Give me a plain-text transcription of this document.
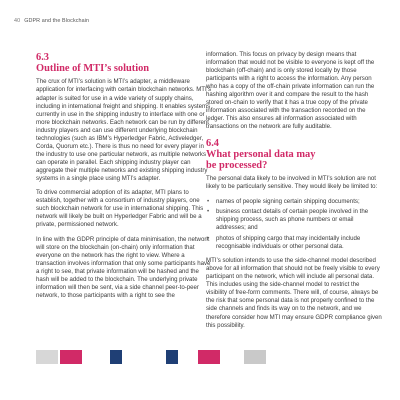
40 GDPR and the Blockchain
6.3
Outline of MTI’s solution

The crux of MTI’s solution is MTI’s adapter, a middleware application for interfacing with certain blockchain networks. MTI’s adapter is suited for use in a wide variety of supply chains, including in international freight and shipping. It enables systems currently in use in the shipping industry to interface with one or more blockchain networks. Each network can be run by different industry players and can use different underlying blockchain technologies (such as IBM’s Hyperledger Fabric, Activeledger, Corda, Quorum etc.). There is thus no need for every player in the industry to use one particular network, as multiple networks can operate in parallel. Each shipping industry player can aggregate their multiple networks and existing shipping industry systems in a single place using MTI’s adapter.

To drive commercial adoption of its adapter, MTI plans to establish, together with a consortium of industry players, one such blockchain network for use in international shipping. This network will likely be built on Hyperledger Fabric and will be a private, permissioned network.

In line with the GDPR principle of data minimisation, the network will store on the blockchain (on-chain) only information that everyone on the network has the right to view. Where a transaction involves information that only some participants have a right to see, that private information will be hashed and the hash will be added to the blockchain. The underlying private information will then be sent, via a side channel peer-to-peer network, to those participants with a right to see the

information. This focus on privacy by design means that information that would not be visible to everyone is kept off the blockchain (off-chain) and is only stored locally by those participants with a right to access the information. Any person who has a copy of the off-chain private information can run the hashing algorithm over it and compare the result to the hash stored on-chain to verify that it has a true copy of the private information associated with the transaction recorded on the ledger. This also ensures all information associated with transactions on the network are fully auditable.

6.4
What personal data may
be processed?

The personal data likely to be involved in MTI’s solution are not likely to be particularly sensitive. They would likely be limited to:

• names of people signing certain shipping documents;
• business contact details of certain people involved in the shipping process, such as phone numbers or email addresses; and
• photos of shipping cargo that may incidentally include recognisable individuals or other personal data.

MTI’s solution intends to use the side-channel model described above for all information that should not be freely visible to every participant on the network, which will include all personal data. This includes using the side-channel model to restrict the visibility of free-form comments. There will, of course, always be the risk that some personal data is not properly confined to the side channels and finds its way on to the network, and we therefore consider how MTI may ensure GDPR compliance given this possibility.
